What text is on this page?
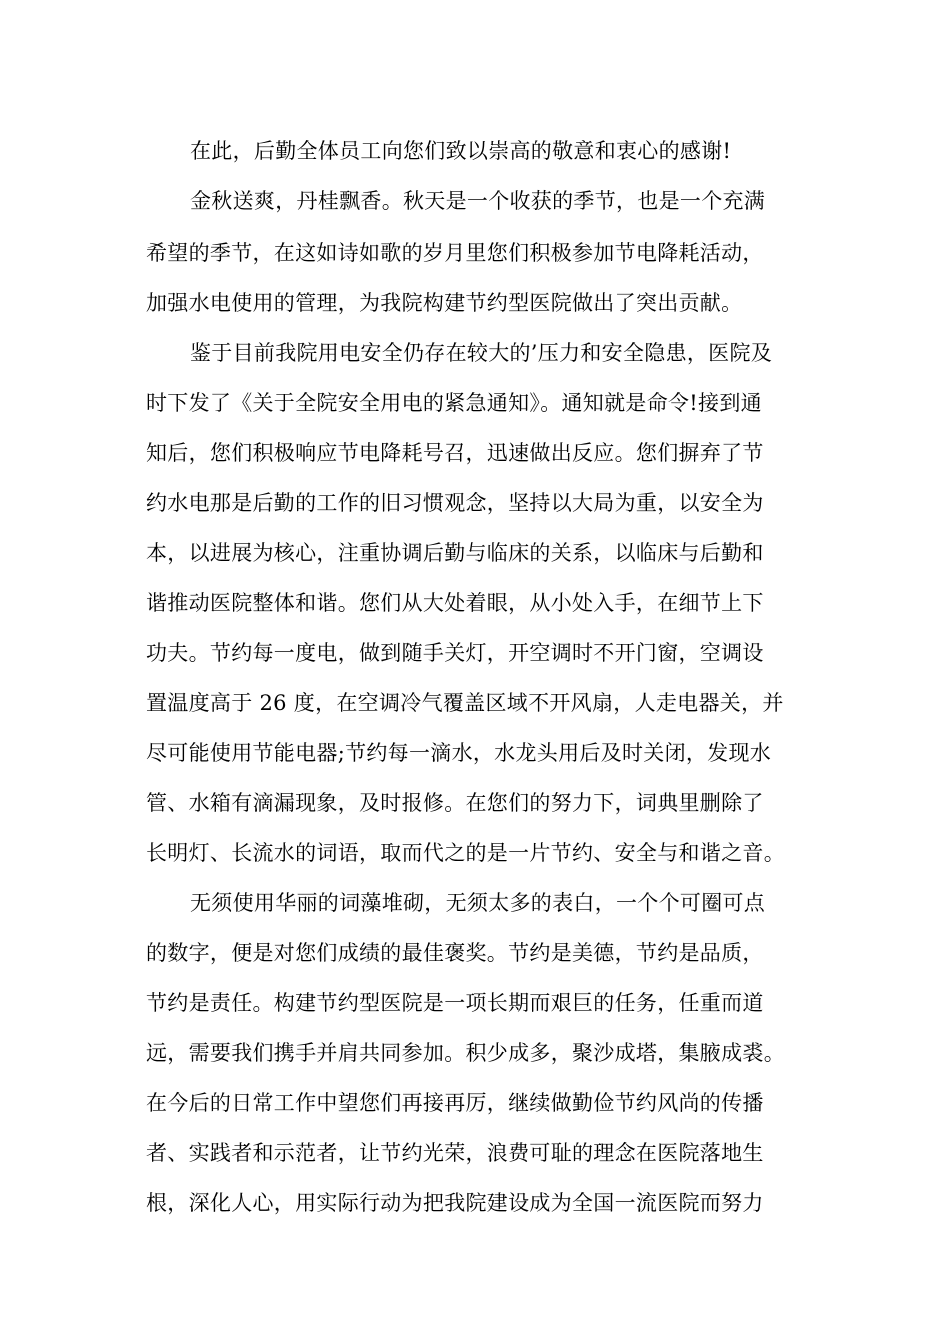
在此，后勤全体员工向您们致以崇高的敬意和衷心的感谢!

金秋送爽，丹桂飘香。秋天是一个收获的季节，也是一个充满

希望的季节，在这如诗如歌的岁月里您们积极参加节电降耗活动，

加强水电使用的管理，为我院构建节约型医院做出了突出贡献。

鉴于目前我院用电安全仍存在较大的’压力和安全隐患，医院及

时下发了《关于全院安全用电的紧急通知》。通知就是命令!接到通

知后，您们积极响应节电降耗号召，迅速做出反应。您们摒弃了节

约水电那是后勤的工作的旧习惯观念，坚持以大局为重，以安全为

本，以进展为核心，注重协调后勤与临床的关系，以临床与后勤和

谐推动医院整体和谐。您们从大处着眼，从小处入手，在细节上下

功夫。节约每一度电，做到随手关灯，开空调时不开门窗，空调设

置温度高于 26 度，在空调冷气覆盖区域不开风扇，人走电器关，并

尽可能使用节能电器;节约每一滴水，水龙头用后及时关闭，发现水

管、水箱有滴漏现象，及时报修。在您们的努力下，词典里删除了

长明灯、长流水的词语，取而代之的是一片节约、安全与和谐之音。

无须使用华丽的词藻堆砌，无须太多的表白，一个个可圈可点

的数字，便是对您们成绩的最佳褒奖。节约是美德，节约是品质，

节约是责任。构建节约型医院是一项长期而艰巨的任务，任重而道

远，需要我们携手并肩共同参加。积少成多，聚沙成塔，集腋成裘。

在今后的日常工作中望您们再接再厉，继续做勤俭节约风尚的传播

者、实践者和示范者，让节约光荣，浪费可耻的理念在医院落地生

根，深化人心，用实际行动为把我院建设成为全国一流医院而努力
